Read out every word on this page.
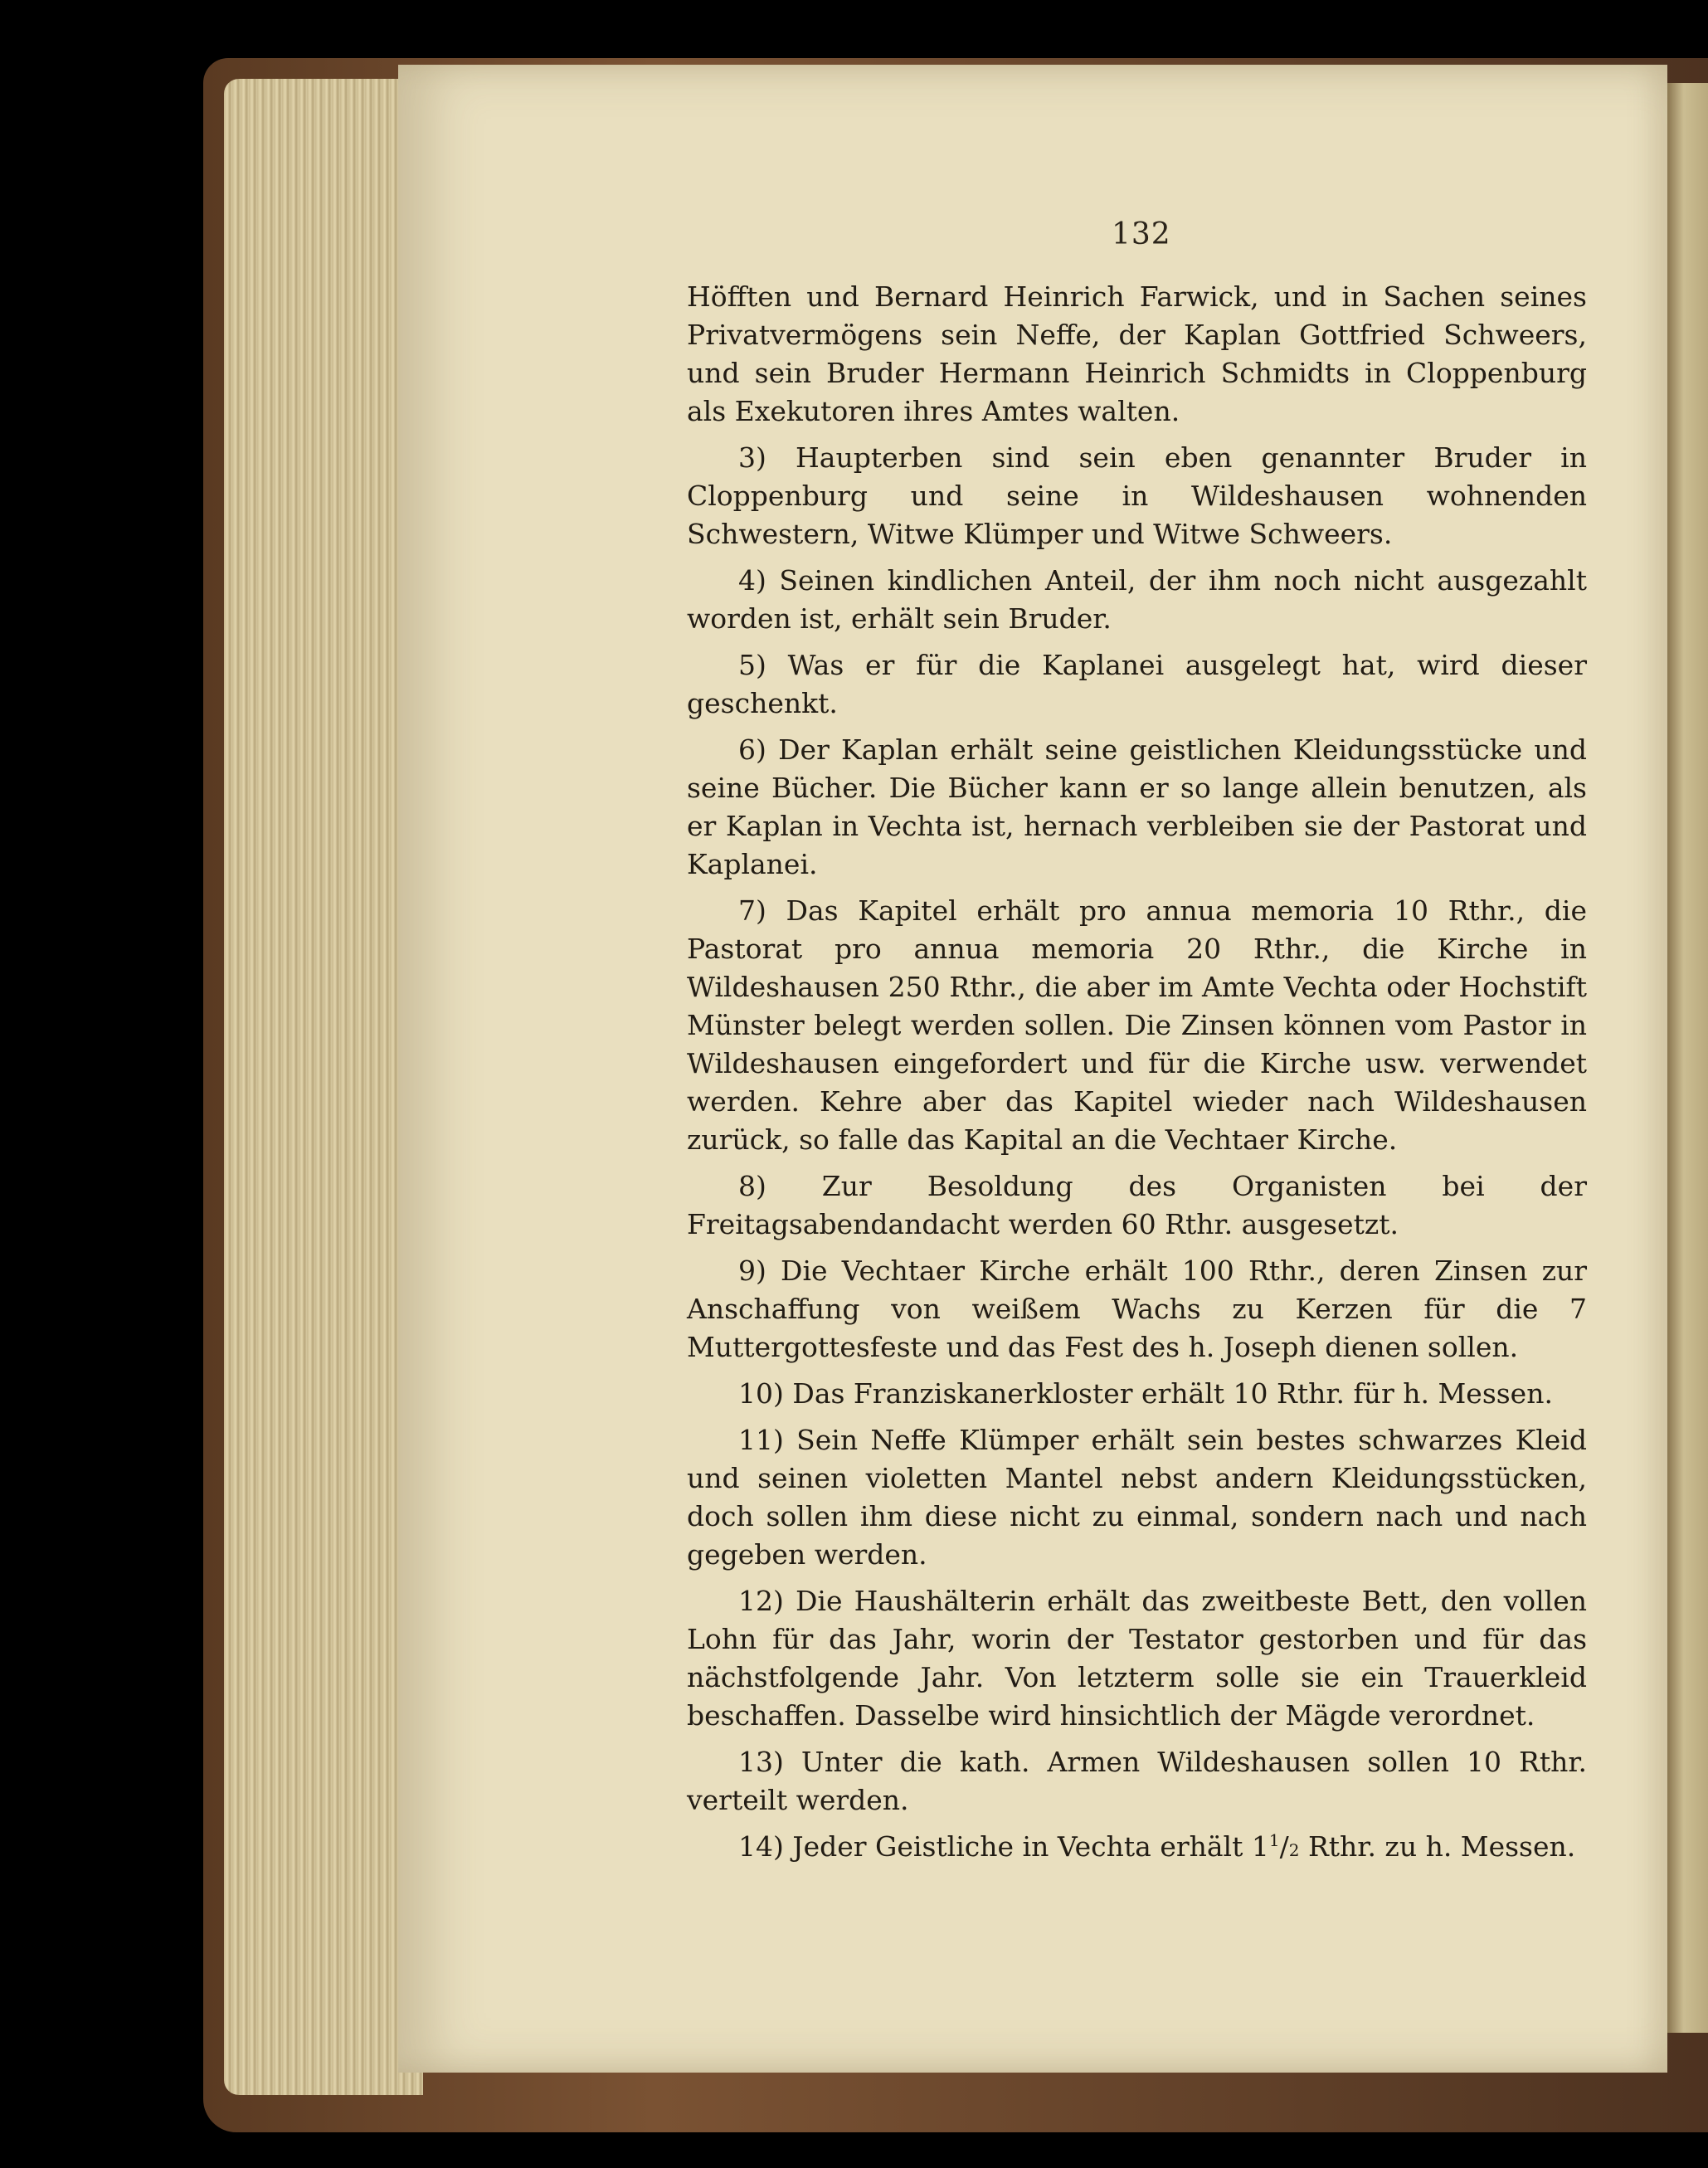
132

Höfften und Bernard Heinrich Farwick, und in Sachen seines Privatvermögens sein Neffe, der Kaplan Gottfried Schweers, und sein Bruder Hermann Heinrich Schmidts in Cloppenburg als Exekutoren ihres Amtes walten.

3) Haupterben sind sein eben genannter Bruder in Cloppenburg und seine in Wildeshausen wohnenden Schwestern, Witwe Klümper und Witwe Schweers.

4) Seinen kindlichen Anteil, der ihm noch nicht ausgezahlt worden ist, erhält sein Bruder.

5) Was er für die Kaplanei ausgelegt hat, wird dieser geschenkt.

6) Der Kaplan erhält seine geistlichen Kleidungsstücke und seine Bücher. Die Bücher kann er so lange allein benutzen, als er Kaplan in Vechta ist, hernach verbleiben sie der Pastorat und Kaplanei.

7) Das Kapitel erhält pro annua memoria 10 Rthr., die Pastorat pro annua memoria 20 Rthr., die Kirche in Wildeshausen 250 Rthr., die aber im Amte Vechta oder Hochstift Münster belegt werden sollen. Die Zinsen können vom Pastor in Wildeshausen eingefordert und für die Kirche usw. verwendet werden. Kehre aber das Kapitel wieder nach Wildeshausen zurück, so falle das Kapital an die Vechtaer Kirche.

8) Zur Besoldung des Organisten bei der Freitagsabendandacht werden 60 Rthr. ausgesetzt.

9) Die Vechtaer Kirche erhält 100 Rthr., deren Zinsen zur Anschaffung von weißem Wachs zu Kerzen für die 7 Muttergottesfeste und das Fest des h. Joseph dienen sollen.

10) Das Franziskanerkloster erhält 10 Rthr. für h. Messen.

11) Sein Neffe Klümper erhält sein bestes schwarzes Kleid und seinen violetten Mantel nebst andern Kleidungsstücken, doch sollen ihm diese nicht zu einmal, sondern nach und nach gegeben werden.

12) Die Haushälterin erhält das zweitbeste Bett, den vollen Lohn für das Jahr, worin der Testator gestorben und für das nächstfolgende Jahr. Von letzterm solle sie ein Trauerkleid beschaffen. Dasselbe wird hinsichtlich der Mägde verordnet.

13) Unter die kath. Armen Wildeshausen sollen 10 Rthr. verteilt werden.

14) Jeder Geistliche in Vechta erhält $1^1/2$ Rthr. zu h. Messen.
